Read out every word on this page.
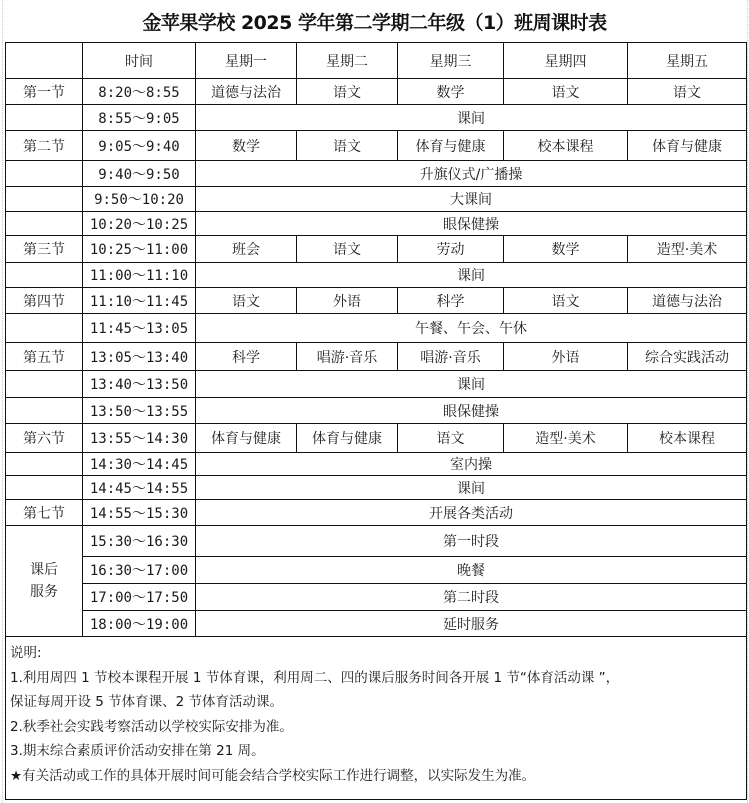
金苹果学校 2025 学年第二学期二年级（1）班周课时表
	时间	星期一	星期二	星期三	星期四	星期五
第一节	8:20～8:55	道德与法治	语文	数学	语文	语文
	8:55～9:05	课间				
第二节	9:05～9:40	数学	语文	体育与健康	校本课程	体育与健康
	9:40～9:50	升旗仪式/广播操				
	9:50～10:20	大课间				
	10:20～10:25	眼保健操				
第三节	10:25～11:00	班会	语文	劳动	数学	造型·美术
	11:00～11:10	课间				
第四节	11:10～11:45	语文	外语	科学	语文	道德与法治
	11:45～13:05	午餐、午会、午休				
第五节	13:05～13:40	科学	唱游·音乐	唱游·音乐	外语	综合实践活动
	13:40～13:50	课间				
	13:50～13:55	眼保健操				
第六节	13:55～14:30	体育与健康	体育与健康	语文	造型·美术	校本课程
	14:30～14:45	室内操				
	14:45～14:55	课间				
第七节	14:55～15:30	开展各类活动				

课后
服务	15:30～16:30	第一时段				
	16:30～17:00	晚餐				
	17:00～17:50	第二时段				
	18:00～19:00	延时服务				

说明:
1.利用周四 1 节校本课程开展 1 节体育课，利用周二、四的课后服务时间各开展 1 节“体育活动课 ”，
保证每周开设 5 节体育课、2 节体育活动课。
2.秋季社会实践考察活动以学校实际安排为准。
3.期末综合素质评价活动安排在第 21 周。
★有关活动或工作的具体开展时间可能会结合学校实际工作进行调整，以实际发生为准。
